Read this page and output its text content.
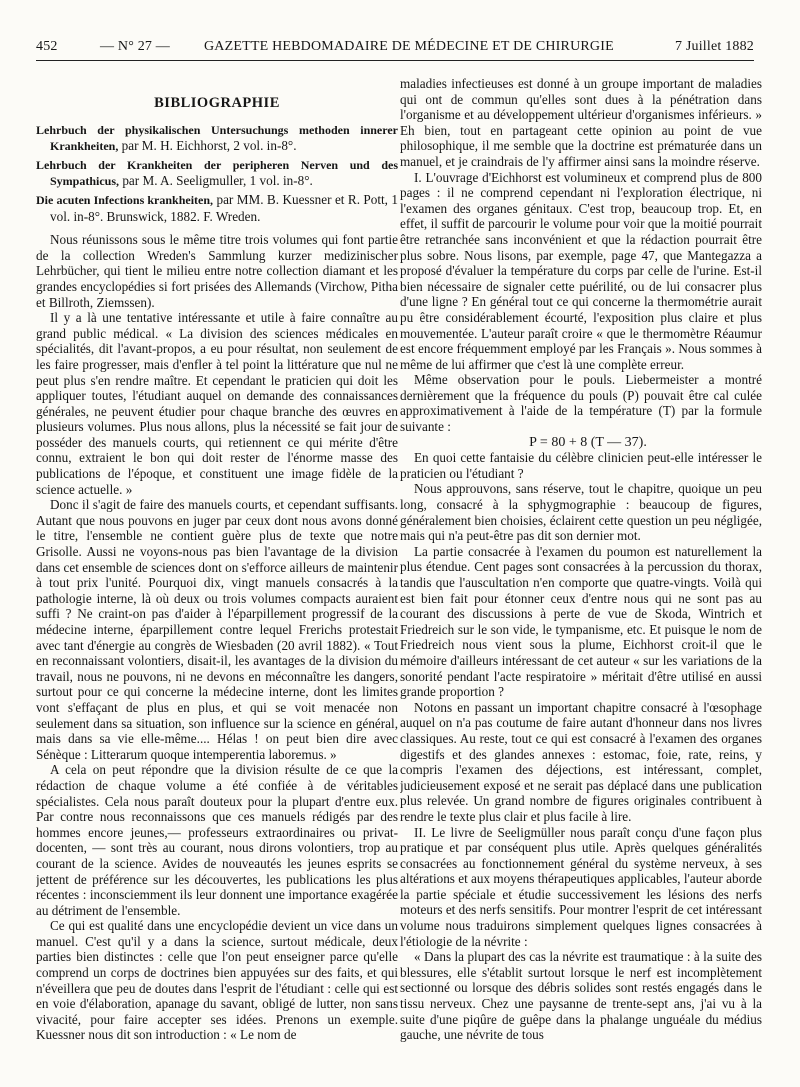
452	— N° 27 — GAZETTE HEBDOMADAIRE DE MÉDECINE ET DE CHIRURGIE	7 Juillet 1882
BIBLIOGRAPHIE
Lehrbuch der physikalischen Untersuchungs methoden innerer Krankheiten, par M. H. Eichhorst, 2 vol. in-8°.
Lehrbuch der Krankheiten der peripheren Nerven und des Sympathicus, par M. A. Seeligmuller, 1 vol. in-8°.
Die acuten Infections krankheiten, par MM. B. Kuessner et R. Pott, 1 vol. in-8°. Brunswick, 1882. F. Wreden.

Nous réunissons sous le même titre trois volumes qui font partie de la collection Wreden's Sammlung kurzer medizinischer Lehrbücher, qui tient le milieu entre notre collection diamant et les grandes encyclopédies si fort prisées des Allemands (Virchow, Pitha et Billroth, Ziemssen).

Il y a là une tentative intéressante et utile à faire connaître au grand public médical. « La division des sciences médicales en spécialités, dit l'avant-propos, a eu pour résultat, non seulement de les faire progresser, mais d'enfler à tel point la littérature que nul ne peut plus s'en rendre maître. Et cependant le praticien qui doit les appliquer toutes, l'étudiant auquel on demande des connaissances générales, ne peuvent étudier pour chaque branche des œuvres en plusieurs volumes. Plus nous allons, plus la nécessité se fait jour de posséder des manuels courts, qui retiennent ce qui mérite d'être connu, extraient le bon qui doit rester de l'énorme masse des publications de l'époque, et constituent une image fidèle de la science actuelle. »

Donc il s'agit de faire des manuels courts, et cependant suffisants. Autant que nous pouvons en juger par ceux dont nous avons donné le titre, l'ensemble ne contient guère plus de texte que notre Grisolle. Aussi ne voyons-nous pas bien l'avantage de la division dans cet ensemble de sciences dont on s'efforce ailleurs de maintenir à tout prix l'unité. Pourquoi dix, vingt manuels consacrés à la pathologie interne, là où deux ou trois volumes compacts auraient suffi ? Ne craint-on pas d'aider à l'éparpillement progressif de la médecine interne, éparpillement contre lequel Frerichs protestait avec tant d'énergie au congrès de Wiesbaden (20 avril 1882). « Tout en reconnaissant volontiers, disait-il, les avantages de la division du travail, nous ne pouvons, ni ne devons en méconnaître les dangers, surtout pour ce qui concerne la médecine interne, dont les limites vont s'effaçant de plus en plus, et qui se voit menacée non seulement dans sa situation, son influence sur la science en général, mais dans sa vie elle-même.... Hélas ! on peut bien dire avec Sénèque : Litterarum quoque intemperentia laboremus. »

A cela on peut répondre que la division résulte de ce que la rédaction de chaque volume a été confiée à de véritables spécialistes. Cela nous paraît douteux pour la plupart d'entre eux. Par contre nous reconnaissons que ces manuels rédigés par des hommes encore jeunes,— professeurs extraordinaires ou privat-docenten, — sont très au courant, nous dirons volontiers, trop au courant de la science. Avides de nouveautés les jeunes esprits se jettent de préférence sur les découvertes, les publications les plus récentes : inconsciemment ils leur donnent une importance exagérée au détriment de l'ensemble.

Ce qui est qualité dans une encyclopédie devient un vice dans un manuel. C'est qu'il y a dans la science, surtout médicale, deux parties bien distinctes : celle que l'on peut enseigner parce qu'elle comprend un corps de doctrines bien appuyées sur des faits, et qui n'éveillera que peu de doutes dans l'esprit de l'étudiant : celle qui est en voie d'élaboration, apanage du savant, obligé de lutter, non sans vivacité, pour faire accepter ses idées. Prenons un exemple. Kuessner nous dit son introduction : « Le nom de

maladies infectieuses est donné à un groupe important de maladies qui ont de commun qu'elles sont dues à la pénétration dans l'organisme et au développement ultérieur d'organismes inférieurs. » Eh bien, tout en partageant cette opinion au point de vue philosophique, il me semble que la doctrine est prématurée dans un manuel, et je craindrais de l'y affirmer ainsi sans la moindre réserve.

I. L'ouvrage d'Eichhorst est volumineux et comprend plus de 800 pages : il ne comprend cependant ni l'exploration électrique, ni l'examen des organes génitaux. C'est trop, beaucoup trop. Et, en effet, il suffit de parcourir le volume pour voir que la moitié pourrait être retranchée sans inconvénient et que la rédaction pourrait être plus sobre. Nous lisons, par exemple, page 47, que Mantegazza a proposé d'évaluer la température du corps par celle de l'urine. Est-il bien nécessaire de signaler cette puérilité, ou de lui consacrer plus d'une ligne ? En général tout ce qui concerne la thermométrie aurait pu être considérablement écourté, l'exposition plus claire et plus mouvementée. L'auteur paraît croire « que le thermomètre Réaumur est encore fréquemment employé par les Français ». Nous sommes à même de lui affirmer que c'est là une complète erreur.

Même observation pour le pouls. Liebermeister a montré dernièrement que la fréquence du pouls (P) pouvait être cal culée approximativement à l'aide de la température (T) par la formule suivante :

P = 80 + 8 (T — 37).

En quoi cette fantaisie du célèbre clinicien peut-elle intéresser le praticien ou l'étudiant ?

Nous approuvons, sans réserve, tout le chapitre, quoique un peu long, consacré à la sphygmographie : beaucoup de figures, généralement bien choisies, éclairent cette question un peu négligée, mais qui n'a peut-être pas dit son dernier mot.

La partie consacrée à l'examen du poumon est naturellement la plus étendue. Cent pages sont consacrées à la percussion du thorax, tandis que l'auscultation n'en comporte que quatre-vingts. Voilà qui est bien fait pour étonner ceux d'entre nous qui ne sont pas au courant des discussions à perte de vue de Skoda, Wintrich et Friedreich sur le son vide, le tympanisme, etc. Et puisque le nom de Friedreich nous vient sous la plume, Eichhorst croit-il que le mémoire d'ailleurs intéressant de cet auteur « sur les variations de la sonorité pendant l'acte respiratoire » méritait d'être utilisé en aussi grande proportion ?

Notons en passant un important chapitre consacré à l'œsophage auquel on n'a pas coutume de faire autant d'honneur dans nos livres classiques. Au reste, tout ce qui est consacré à l'examen des organes digestifs et des glandes annexes : estomac, foie, rate, reins, y compris l'examen des déjections, est intéressant, complet, judicieusement exposé et ne serait pas déplacé dans une publication plus relevée. Un grand nombre de figures originales contribuent à rendre le texte plus clair et plus facile à lire.

II. Le livre de Seeligmüller nous paraît conçu d'une façon plus pratique et par conséquent plus utile. Après quelques généralités consacrées au fonctionnement général du système nerveux, à ses altérations et aux moyens thérapeutiques applicables, l'auteur aborde la partie spéciale et étudie successivement les lésions des nerfs moteurs et des nerfs sensitifs. Pour montrer l'esprit de cet intéressant volume nous traduirons simplement quelques lignes consacrées à l'étiologie de la névrite :

« Dans la plupart des cas la névrite est traumatique : à la suite des blessures, elle s'établit surtout lorsque le nerf est incomplètement sectionné ou lorsque des débris solides sont restés engagés dans le tissu nerveux. Chez une paysanne de trente-sept ans, j'ai vu à la suite d'une piqûre de guêpe dans la phalange unguéale du médius gauche, une névrite de tous
